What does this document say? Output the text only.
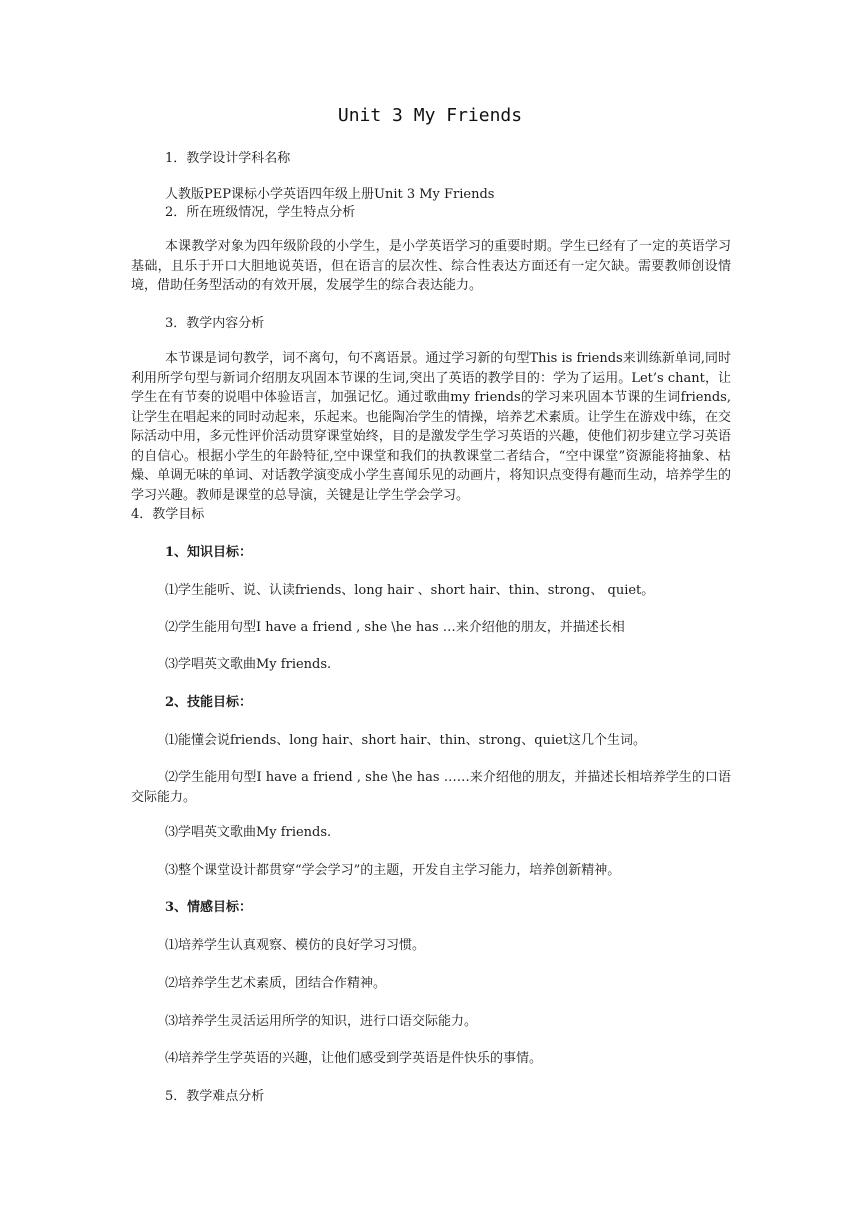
Unit 3 My Friends
1．教学设计学科名称
人教版PEP课标小学英语四年级上册Unit 3 My Friends
2．所在班级情况，学生特点分析
本课教学对象为四年级阶段的小学生，是小学英语学习的重要时期。学生已经有了一定的英语学习基础，且乐于开口大胆地说英语，但在语言的层次性、综合性表达方面还有一定欠缺。需要教师创设情境，借助任务型活动的有效开展，发展学生的综合表达能力。
3．教学内容分析
本节课是词句教学，词不离句，句不离语景。通过学习新的句型This is friends来训练新单词,同时利用所学句型与新词介绍朋友巩固本节课的生词,突出了英语的教学目的：学为了运用。Let’s chant，让学生在有节奏的说唱中体验语言，加强记忆。通过歌曲my friends的学习来巩固本节课的生词friends,让学生在唱起来的同时动起来，乐起来。也能陶冶学生的情操，培养艺术素质。让学生在游戏中练，在交际活动中用，多元性评价活动贯穿课堂始终，目的是激发学生学习英语的兴趣，使他们初步建立学习英语的自信心。根据小学生的年龄特征,空中课堂和我们的执教课堂二者结合，“空中课堂”资源能将抽象、枯燥、单调无味的单词、对话教学演变成小学生喜闻乐见的动画片，将知识点变得有趣而生动，培养学生的学习兴趣。教师是课堂的总导演，关键是让学生学会学习。
4．教学目标
1、知识目标：
⑴学生能听、说、认读friends、long hair 、short hair、thin、strong、 quiet。
⑵学生能用句型I have a friend , she \he has …来介绍他的朋友，并描述长相
⑶学唱英文歌曲My friends.
2、技能目标：
⑴能懂会说friends、long hair、short hair、thin、strong、quiet这几个生词。
⑵学生能用句型I have a friend , she \he has ……来介绍他的朋友，并描述长相培养学生的口语交际能力。
⑶学唱英文歌曲My friends.
⑶整个课堂设计都贯穿“学会学习”的主题，开发自主学习能力，培养创新精神。
3、情感目标：
⑴培养学生认真观察、模仿的良好学习习惯。
⑵培养学生艺术素质，团结合作精神。
⑶培养学生灵活运用所学的知识，进行口语交际能力。
⑷培养学生学英语的兴趣，让他们感受到学英语是件快乐的事情。
5．教学难点分析
